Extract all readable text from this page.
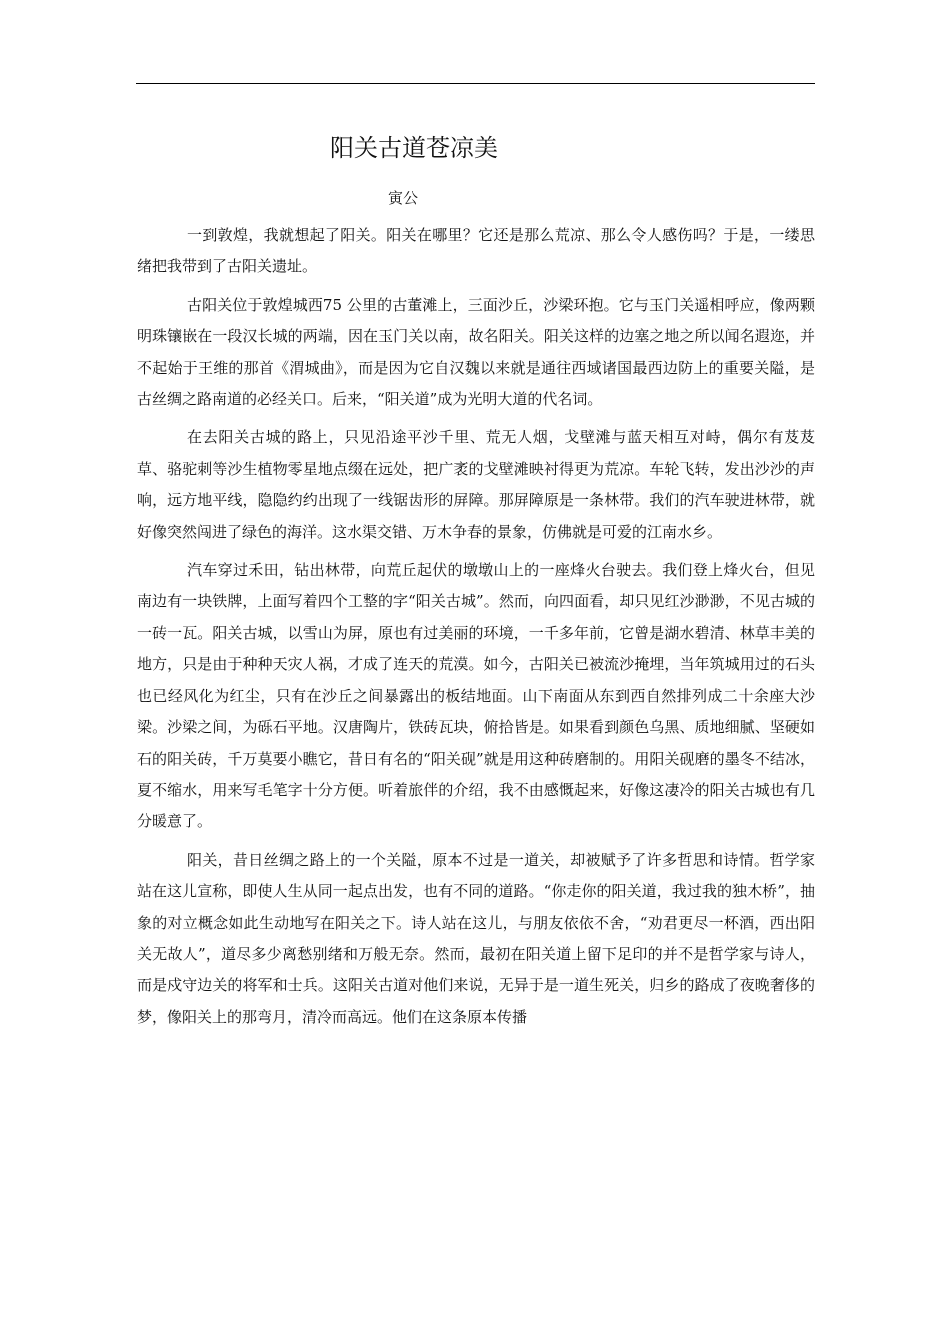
阳关古道苍凉美
寅公

一到敦煌，我就想起了阳关。阳关在哪里？它还是那么荒凉、那么令人感伤吗？于是，一缕思绪把我带到了古阳关遗址。

古阳关位于敦煌城西75 公里的古董滩上，三面沙丘，沙梁环抱。它与玉门关遥相呼应，像两颗明珠镶嵌在一段汉长城的两端，因在玉门关以南，故名阳关。阳关这样的边塞之地之所以闻名遐迩，并不起始于王维的那首《渭城曲》，而是因为它自汉魏以来就是通往西域诸国最西边防上的重要关隘，是古丝绸之路南道的必经关口。后来，“阳关道”成为光明大道的代名词。

在去阳关古城的路上，只见沿途平沙千里、荒无人烟，戈壁滩与蓝天相互对峙，偶尔有芨芨草、骆驼刺等沙生植物零星地点缀在远处，把广袤的戈壁滩映衬得更为荒凉。车轮飞转，发出沙沙的声响，远方地平线，隐隐约约出现了一线锯齿形的屏障。那屏障原是一条林带。我们的汽车驶进林带，就好像突然闯进了绿色的海洋。这水渠交错、万木争春的景象，仿佛就是可爱的江南水乡。

汽车穿过禾田，钻出林带，向荒丘起伏的墩墩山上的一座烽火台驶去。我们登上烽火台，但见南边有一块铁牌，上面写着四个工整的字“阳关古城”。然而，向四面看，却只见红沙渺渺，不见古城的一砖一瓦。阳关古城，以雪山为屏，原也有过美丽的环境，一千多年前，它曾是湖水碧清、林草丰美的地方，只是由于种种天灾人祸，才成了连天的荒漠。如今，古阳关已被流沙掩埋，当年筑城用过的石头也已经风化为红尘，只有在沙丘之间暴露出的板结地面。山下南面从东到西自然排列成二十余座大沙梁。沙梁之间，为砾石平地。汉唐陶片，铁砖瓦块，俯拾皆是。如果看到颜色乌黑、质地细腻、坚硬如石的阳关砖，千万莫要小瞧它，昔日有名的“阳关砚”就是用这种砖磨制的。用阳关砚磨的墨冬不结冰，夏不缩水，用来写毛笔字十分方便。听着旅伴的介绍，我不由感慨起来，好像这凄冷的阳关古城也有几分暖意了。

阳关，昔日丝绸之路上的一个关隘，原本不过是一道关，却被赋予了许多哲思和诗情。哲学家站在这儿宣称，即使人生从同一起点出发，也有不同的道路。“你走你的阳关道，我过我的独木桥”，抽象的对立概念如此生动地写在阳关之下。诗人站在这儿，与朋友依依不舍，“劝君更尽一杯酒，西出阳关无故人”，道尽多少离愁别绪和万般无奈。然而，最初在阳关道上留下足印的并不是哲学家与诗人，而是戍守边关的将军和士兵。这阳关古道对他们来说，无异于是一道生死关，归乡的路成了夜晚奢侈的梦，像阳关上的那弯月，清冷而高远。他们在这条原本传播
